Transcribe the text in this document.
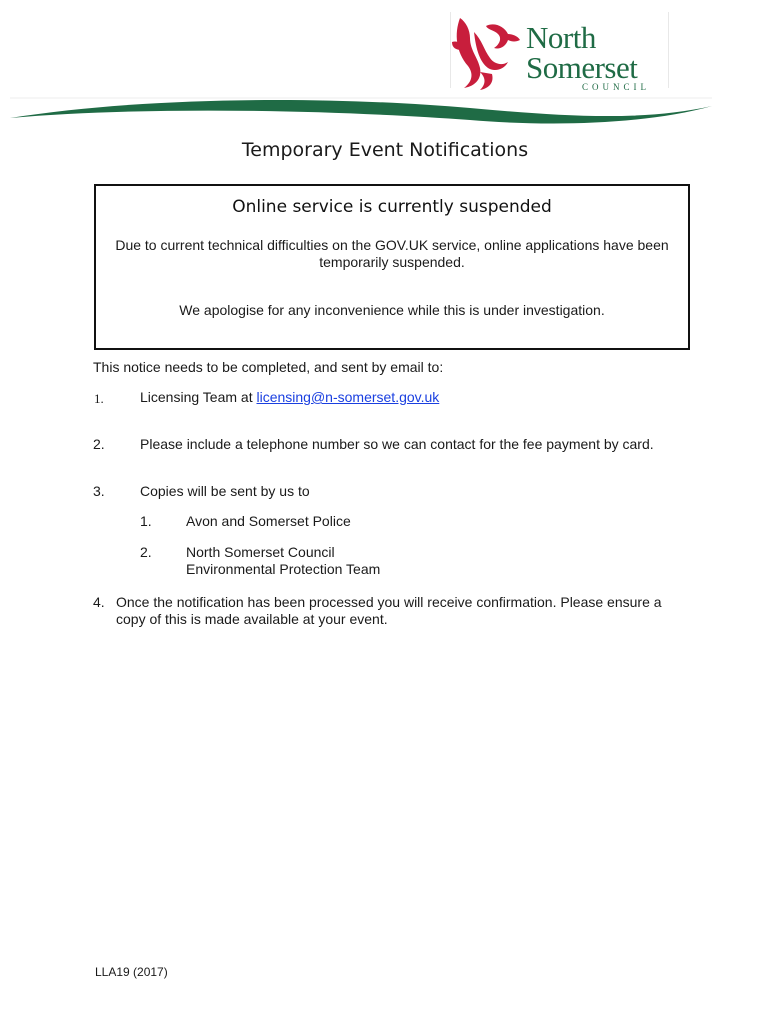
North
Somerset
COUNCIL
Temporary Event Notifications
Online service is currently suspended
Due to current technical difficulties on the GOV.UK service, online applications have been temporarily suspended.
We apologise for any inconvenience while this is under investigation.
This notice needs to be completed, and sent by email to:
1.	Licensing Team at licensing@n-somerset.gov.uk
2.	Please include a telephone number so we can contact for the fee payment by card.
3.	Copies will be sent by us to
1. Avon and Somerset Police
2. North Somerset Council
Environmental Protection Team
4. Once the notification has been processed you will receive confirmation. Please ensure a copy of this is made available at your event.
LLA19 (2017)
